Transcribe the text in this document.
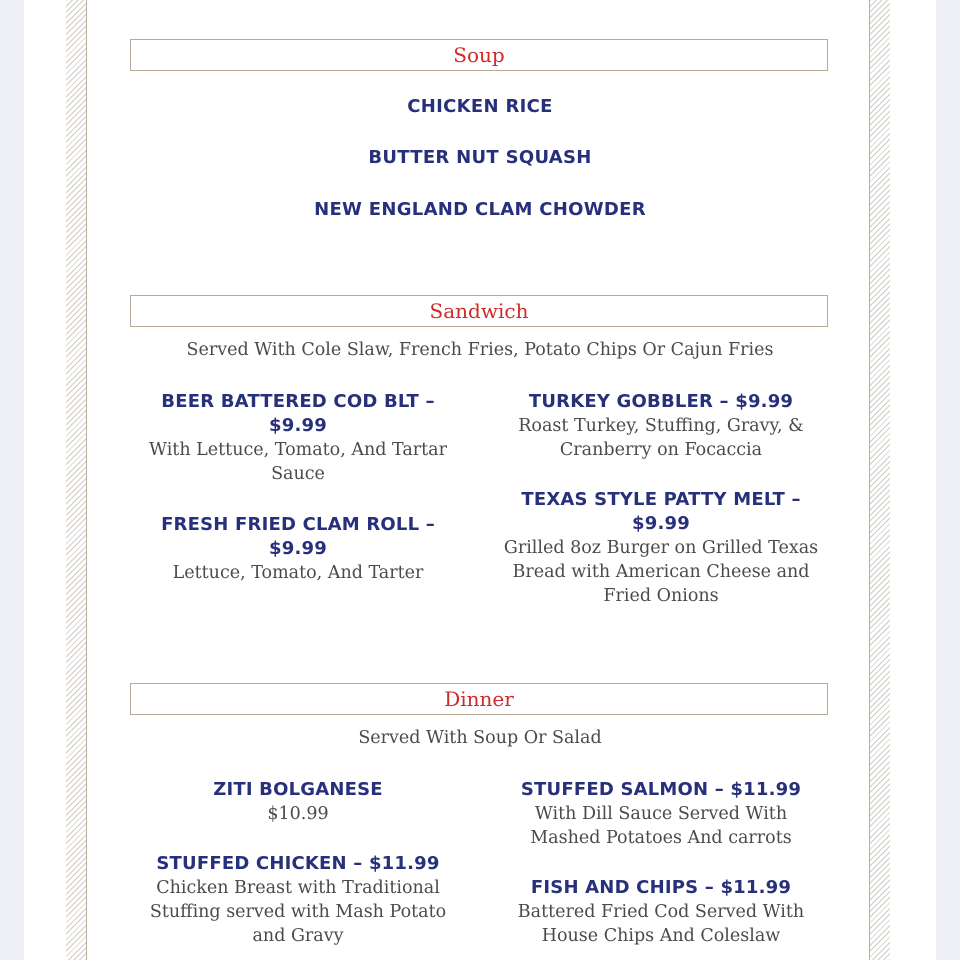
Soup
CHICKEN RICE
BUTTER NUT SQUASH
NEW ENGLAND CLAM CHOWDER
Sandwich
Served With Cole Slaw, French Fries, Potato Chips Or Cajun Fries
BEER BATTERED COD BLT – $9.99
With Lettuce, Tomato, And Tartar Sauce
FRESH FRIED CLAM ROLL – $9.99
Lettuce, Tomato, And Tarter
TURKEY GOBBLER – $9.99
Roast Turkey, Stuffing, Gravy, & Cranberry on Focaccia
TEXAS STYLE PATTY MELT – $9.99
Grilled 8oz Burger on Grilled Texas Bread with American Cheese and Fried Onions
Dinner
Served With Soup Or Salad
ZITI BOLGANESE
$10.99
STUFFED CHICKEN – $11.99
Chicken Breast with Traditional Stuffing served with Mash Potato and Gravy
STUFFED SALMON – $11.99
With Dill Sauce Served With Mashed Potatoes And carrots
FISH AND CHIPS – $11.99
Battered Fried Cod Served With House Chips And Coleslaw
